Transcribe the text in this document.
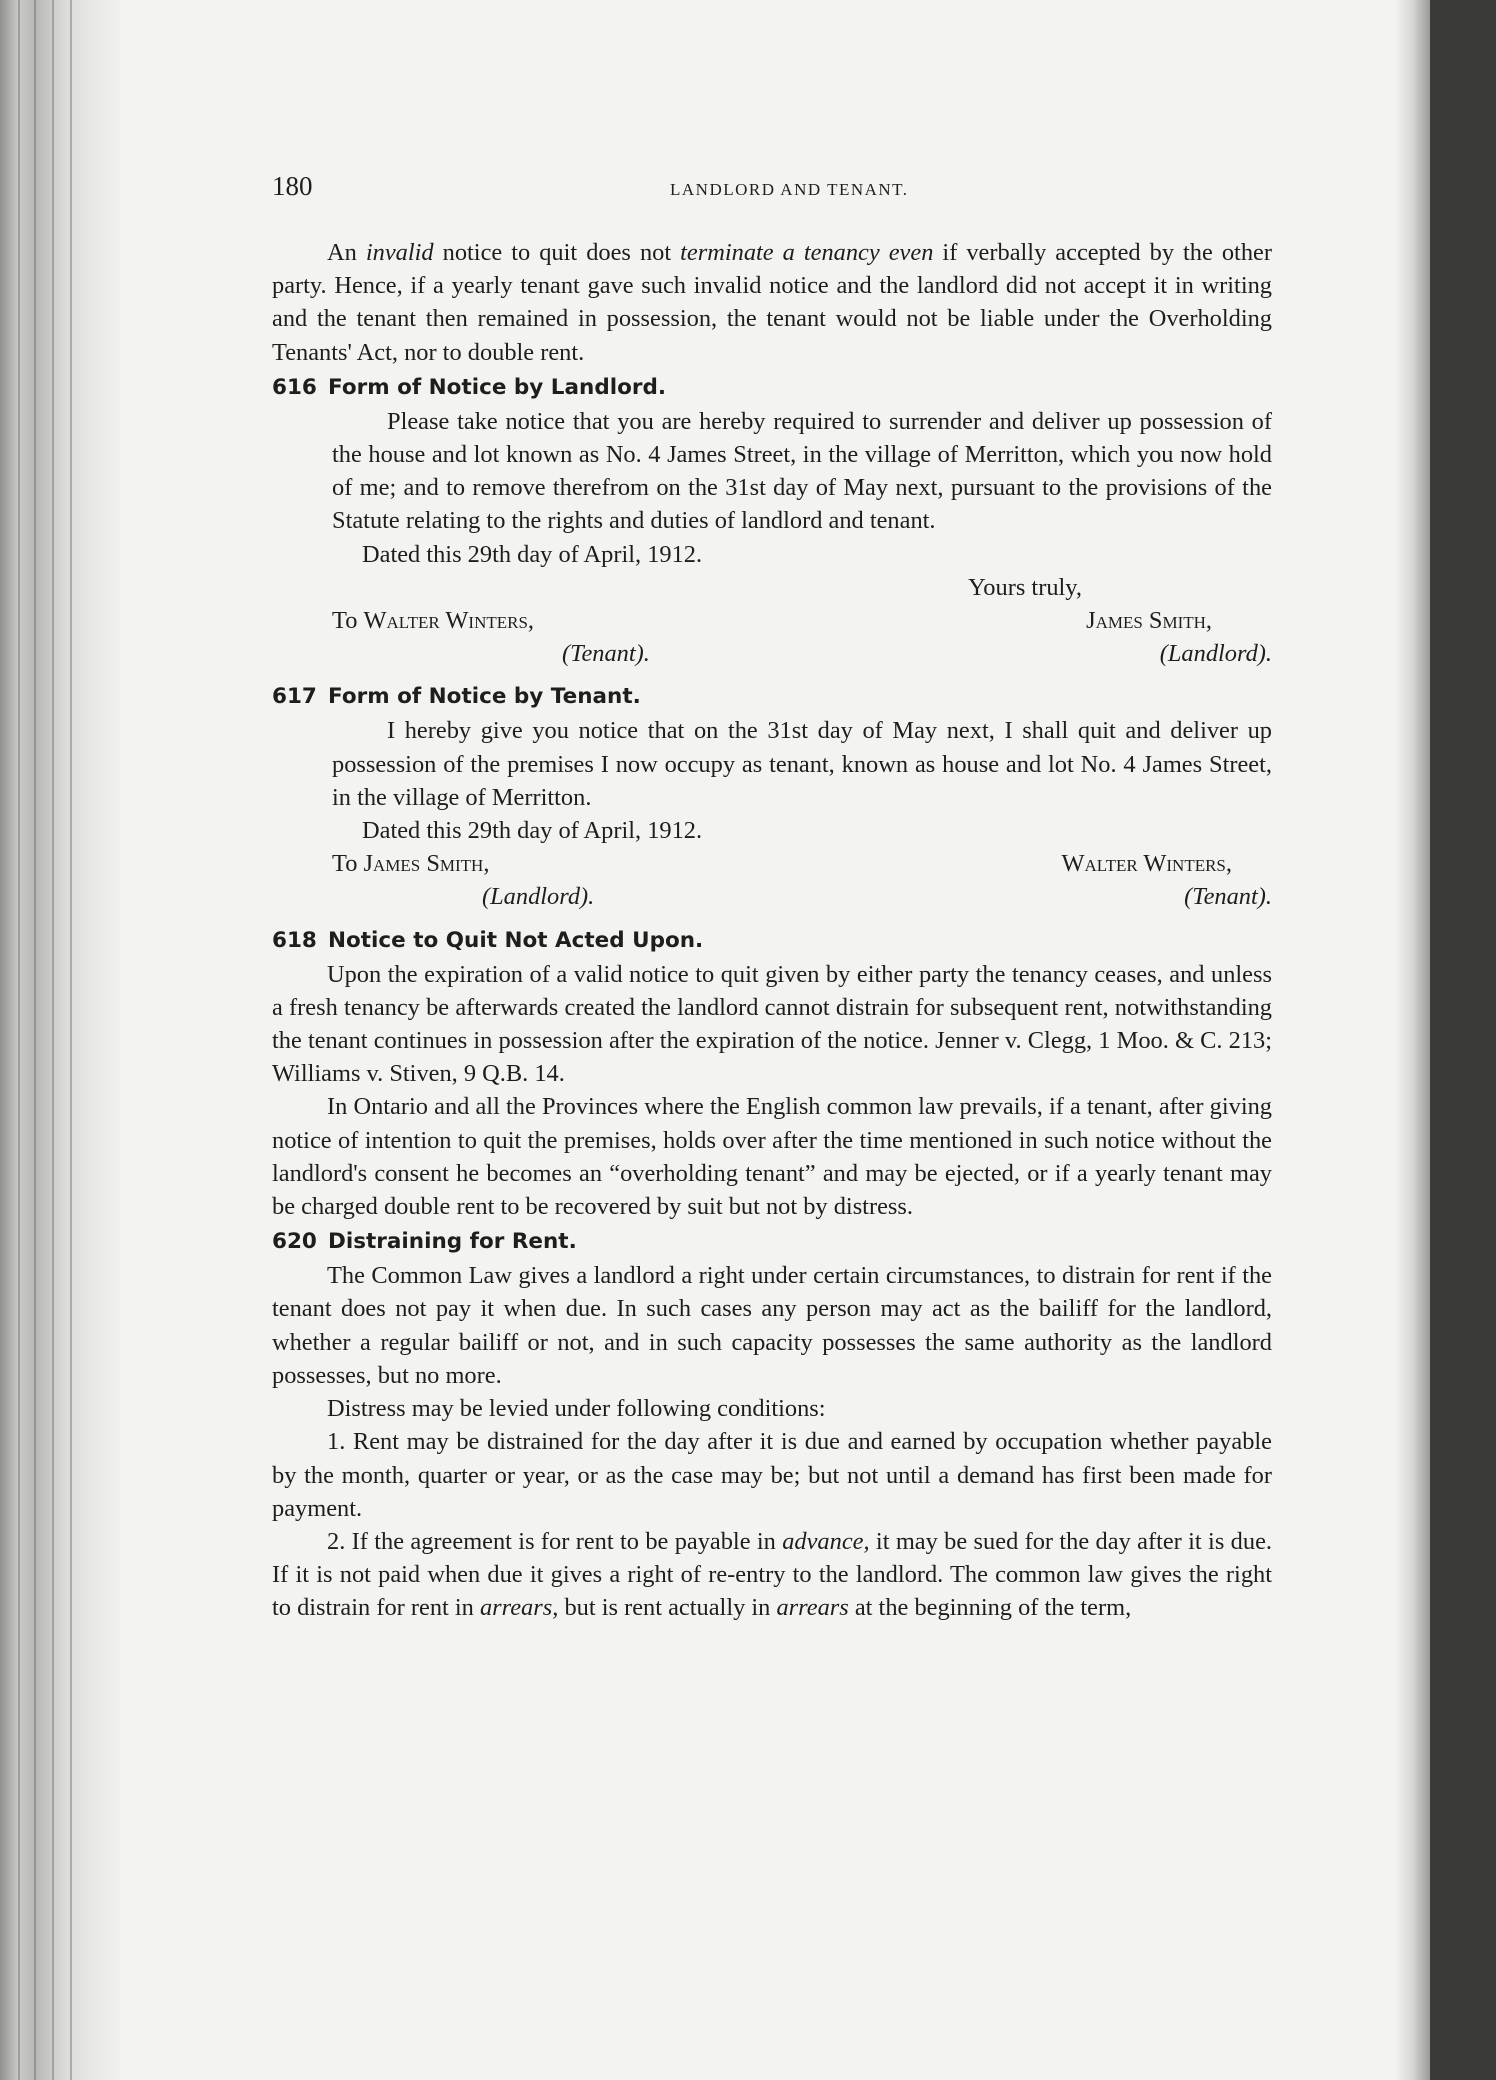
180	LANDLORD AND TENANT.

An invalid notice to quit does not terminate a tenancy even if verbally accepted by the other party. Hence, if a yearly tenant gave such invalid notice and the landlord did not accept it in writing and the tenant then remained in possession, the tenant would not be liable under the Overholding Tenants' Act, nor to double rent.

616 Form of Notice by Landlord.

Please take notice that you are hereby required to surrender and deliver up possession of the house and lot known as No. 4 James Street, in the village of Merritton, which you now hold of me; and to remove therefrom on the 31st day of May next, pursuant to the provisions of the Statute relating to the rights and duties of landlord and tenant.

Dated this 29th day of April, 1912.

Yours truly,

To Walter Winters,	James Smith,
(Tenant).	(Landlord).
617 Form of Notice by Tenant.

I hereby give you notice that on the 31st day of May next, I shall quit and deliver up possession of the premises I now occupy as tenant, known as house and lot No. 4 James Street, in the village of Merritton.

Dated this 29th day of April, 1912.

To James Smith,	Walter Winters,
(Landlord).	(Tenant).
618 Notice to Quit Not Acted Upon.

Upon the expiration of a valid notice to quit given by either party the tenancy ceases, and unless a fresh tenancy be afterwards created the landlord cannot distrain for subsequent rent, notwithstanding the tenant continues in possession after the expiration of the notice. Jenner v. Clegg, 1 Moo. & C. 213; Williams v. Stiven, 9 Q.B. 14.

In Ontario and all the Provinces where the English common law prevails, if a tenant, after giving notice of intention to quit the premises, holds over after the time mentioned in such notice without the landlord's consent he becomes an “overholding tenant” and may be ejected, or if a yearly tenant may be charged double rent to be recovered by suit but not by distress.

620 Distraining for Rent.

The Common Law gives a landlord a right under certain circumstances, to distrain for rent if the tenant does not pay it when due. In such cases any person may act as the bailiff for the landlord, whether a regular bailiff or not, and in such capacity possesses the same authority as the landlord possesses, but no more.

Distress may be levied under following conditions:

1. Rent may be distrained for the day after it is due and earned by occupation whether payable by the month, quarter or year, or as the case may be; but not until a demand has first been made for payment.

2. If the agreement is for rent to be payable in advance, it may be sued for the day after it is due. If it is not paid when due it gives a right of re-entry to the landlord. The common law gives the right to distrain for rent in arrears, but is rent actually in arrears at the beginning of the term,
